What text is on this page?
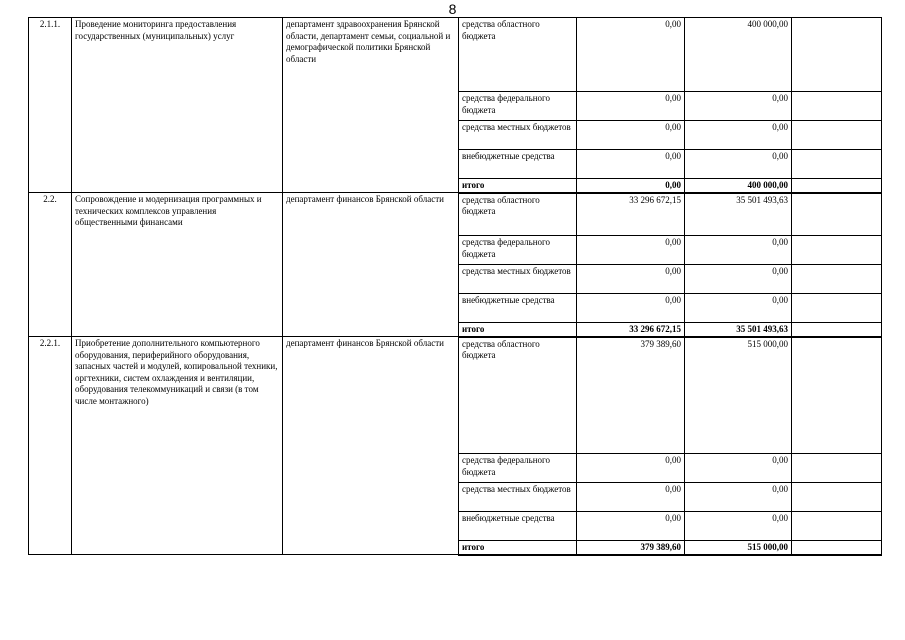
8
2.1.1.	Проведение мониторинга предоставления государственных (муниципальных) услуг	департамент здравоохранения Брянской области, департамент семьи, социальной и демографической политики Брянской области	средства областного бюджета	0,00	400 000,00	
			средства федерального бюджета	0,00	0,00	
			средства местных бюджетов	0,00	0,00	
			внебюджетные средства	0,00	0,00	
			итого	0,00	400 000,00	
2.2.	Сопровождение и модернизация программных и технических комплексов управления общественными финансами	департамент финансов Брянской области	средства областного бюджета	33 296 672,15	35 501 493,63	
			средства федерального бюджета	0,00	0,00	
			средства местных бюджетов	0,00	0,00	
			внебюджетные средства	0,00	0,00	
			итого	33 296 672,15	35 501 493,63	
2.2.1.	Приобретение дополнительного компьютерного оборудования, периферийного оборудования, запасных частей и модулей, копировальной техники, оргтехники, систем охлаждения и вентиляции, оборудования телекоммуникаций и связи (в том числе монтажного)	департамент финансов Брянской области	средства областного бюджета	379 389,60	515 000,00	
			средства федерального бюджета	0,00	0,00	
			средства местных бюджетов	0,00	0,00	
			внебюджетные средства	0,00	0,00	
			итого	379 389,60	515 000,00	
